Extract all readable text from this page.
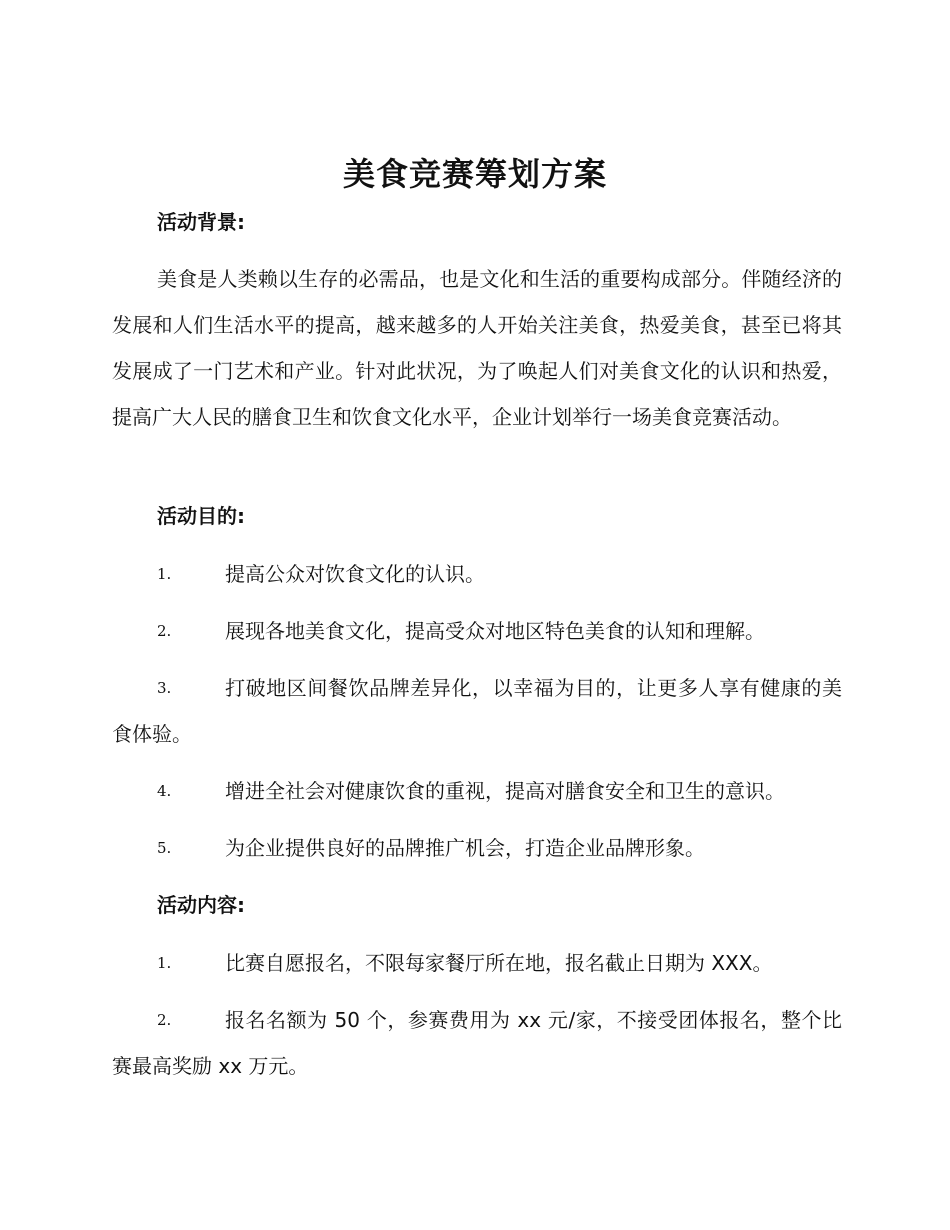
美食竞赛筹划方案
活动背景:

美食是人类赖以生存的必需品，也是文化和生活的重要构成部分。伴随经济的发展和人们生活水平的提高，越来越多的人开始关注美食，热爱美食，甚至已将其发展成了一门艺术和产业。针对此状况，为了唤起人们对美食文化的认识和热爱，提高广大人民的膳食卫生和饮食文化水平，企业计划举行一场美食竞赛活动。

活动目的:
1.	提高公众对饮食文化的认识。
2.	展现各地美食文化，提高受众对地区特色美食的认知和理解。
3.	打破地区间餐饮品牌差异化，以幸福为目的，让更多人享有健康的美食体验。
4.	增进全社会对健康饮食的重视，提高对膳食安全和卫生的意识。
5.	为企业提供良好的品牌推广机会，打造企业品牌形象。
活动内容:
1.	比赛自愿报名，不限每家餐厅所在地，报名截止日期为 XXX。
2.	报名名额为 50 个，参赛费用为 xx 元/家，不接受团体报名，整个比赛最高奖励 xx 万元。
